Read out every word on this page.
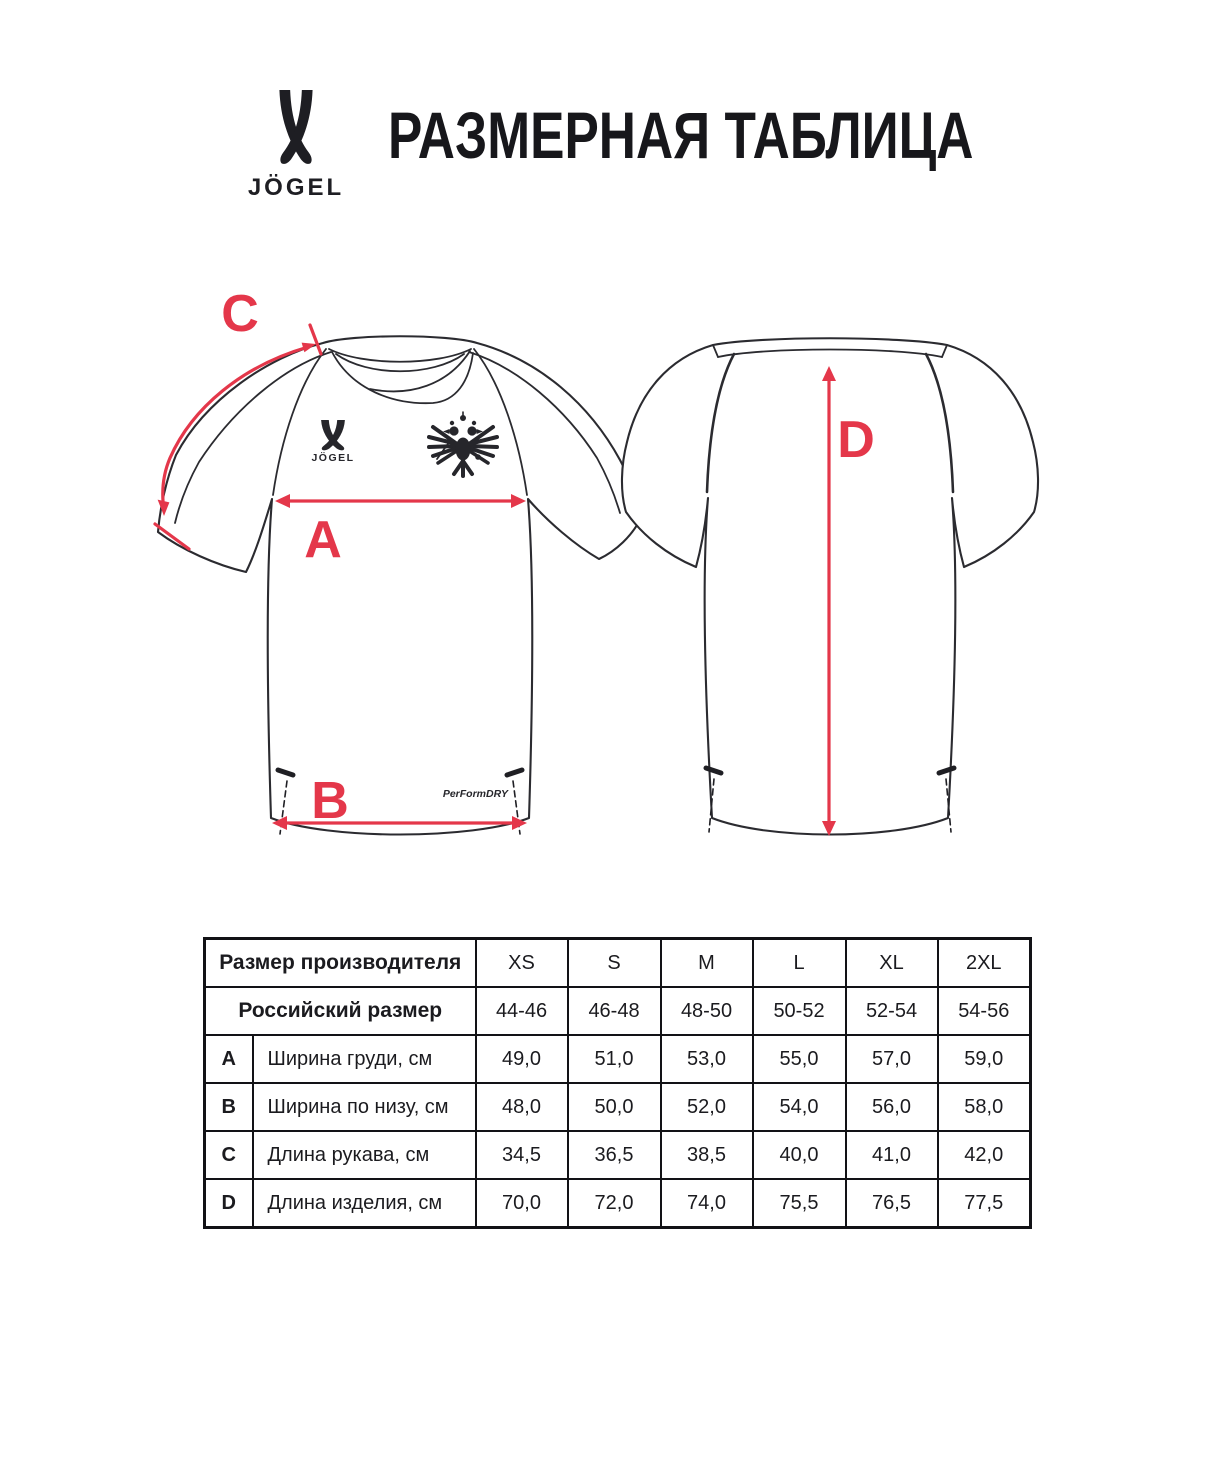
JÖGEL
РАЗМЕРНАЯ ТАБЛИЦА
JÖGEL
PerFormDRY
C
A
B
D
Размер производителя		XS	S	M	L	XL	2XL
Российский размер		44-46	46-48	48-50	50-52	52-54	54-56
A	Ширина груди, см	49,0	51,0	53,0	55,0	57,0	59,0
B	Ширина по низу, см	48,0	50,0	52,0	54,0	56,0	58,0
C	Длина рукава, см	34,5	36,5	38,5	40,0	41,0	42,0
D	Длина изделия, см	70,0	72,0	74,0	75,5	76,5	77,5
